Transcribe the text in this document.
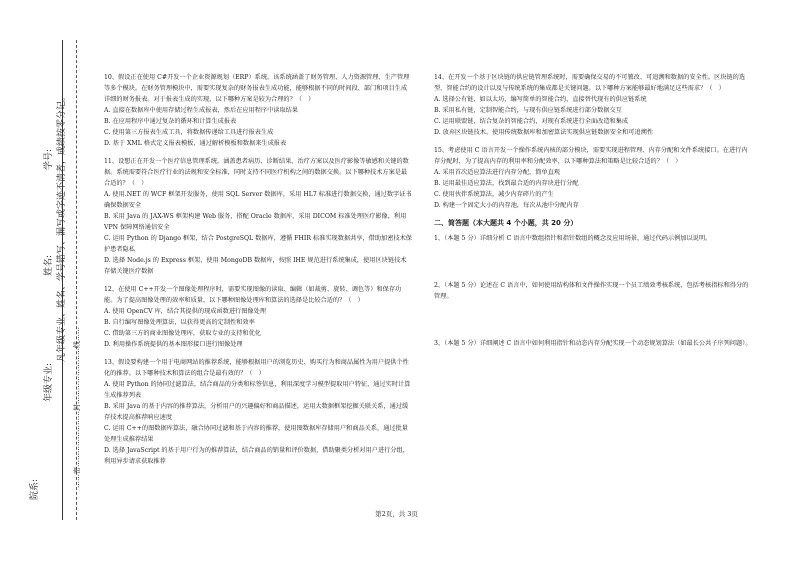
院系:
年级专业:
姓名:
学号: 凡年级专业、姓名、学号错写、漏写或字迹不清者，成绩按零分记。
……密……………………封……………………线……
10、假设正在使用 C#开发一个企业资源规划（ERP）系统，该系统涵盖了财务管理、人力资源管理、生产管理等多个模块。在财务管理模块中，需要实现复杂的财务报表生成功能，能够根据不同的时间段、部门和项目生成详细的财务报表。对于报表生成的实现，以下哪种方案是较为合理的？（　）
A. 直接在数据库中使用存储过程生成报表，然后在应用程序中读取结果
B. 在应用程序中通过复杂的循环和计算生成报表
C. 使用第三方报表生成工具，将数据传递给工具进行报表生成
D. 基于 XML 格式定义报表模板，通过解析模板和数据来生成报表
11、设想正在开发一个医疗信息管理系统，涵盖患者病历、诊断结果、治疗方案以及医疗影像等敏感和关键的数据。系统需要符合医疗行业的法规和安全标准，同时支持不同医疗机构之间的数据交换。以下哪种技术方案是最合适的？（　）
A. 使用.NET 的 WCF 框架开发服务，使用 SQL Server 数据库，采用 HL7 标准进行数据交换，通过数字证书确保数据安全
B. 采用 Java 的 JAX-WS 框架构建 Web 服务，搭配 Oracle 数据库，采用 DICOM 标准处理医疗影像，利用 VPN 保障网络通信安全
C. 运用 Python 的 Django 框架，结合 PostgreSQL 数据库，遵循 FHIR 标准实现数据共享，借助加密技术保护患者隐私
D. 选择 Node.js 的 Express 框架，使用 MongoDB 数据库，按照 IHE 规范进行系统集成，使用区块链技术存储关键医疗数据
12、在使用 C++开发一个图像处理程序时，需要实现图像的读取、编辑（如裁剪、旋转、调色等）和保存功能。为了提高图像处理的效率和质量，以下哪种图像处理库和算法的选择是比较合适的？（　）
A. 使用 OpenCV 库，结合其提供的现成函数进行图像处理
B. 自行编写图像处理算法，以获得更高的定制性和效率
C. 借助第三方的商业图像处理库，获取专业的支持和优化
D. 利用操作系统提供的基本图形接口进行图像处理
13、假设要构建一个用于电商网站的推荐系统，能够根据用户的浏览历史、购买行为和商品属性为用户提供个性化的推荐。以下哪种技术和算法的组合是最有效的？（　）
A. 使用 Python 的协同过滤算法，结合商品的分类和标签信息，利用深度学习模型提取用户特征，通过实时计算生成推荐列表
B. 采用 Java 的基于内容的推荐算法，分析用户的兴趣偏好和商品描述，运用大数据框架挖掘关联关系，通过缓存技术提高推荐响应速度
C. 运用 C++的图数据库算法，融合协同过滤和基于内容的推荐，使用图数据库存储用户和商品关系，通过批量处理生成推荐结果
D. 选择 JavaScript 的基于用户行为的推荐算法，结合商品的销量和评价数据，借助聚类分析对用户进行分组，利用异步请求获取推荐
14、在开发一个基于区块链的供应链管理系统时，需要确保交易的不可篡改、可追溯和数据的安全性。区块链的选型、智能合约的设计以及与传统系统的集成都是关键问题。以下哪种方案能够最好地满足这些需求？（　）
A. 选择公有链，如以太坊，编写简单的智能合约，直接替代现有的供应链系统
B. 采用私有链，定制智能合约，与现有供应链系统进行部分数据交互
C. 运用联盟链，结合复杂的智能合约，对现有系统进行全面改造和集成
D. 放弃区块链技术，使用传统数据库和加密算法实现供应链数据安全和可追溯性
15、考虑使用 C 语言开发一个操作系统内核的部分模块，需要实现进程管理、内存分配和文件系统接口。在进行内存分配时，为了提高内存的利用率和分配效率，以下哪种算法和策略是比较合适的？（　）
A. 采用首次适应算法进行内存分配，简单直观
B. 运用最佳适应算法，找到最合适的内存块进行分配
C. 使用伙伴系统算法，减少内存碎片的产生
D. 构建一个固定大小的内存池，每次从池中分配内存
二、简答题（本大题共 4 个小题，共 20 分）
1、（本题 5 分）详细分析 C 语言中数组指针和指针数组的概念及应用场景，通过代码示例加以说明。
2、（本题 5 分）论述在 C 语言中，如何使用结构体和文件操作实现一个员工绩效考核系统，包括考核指标和得分的管理。
3、（本题 5 分）详细阐述 C 语言中如何利用指针和动态内存分配实现一个动态规划算法（如最长公共子序列问题）。
第2页，共 3页
